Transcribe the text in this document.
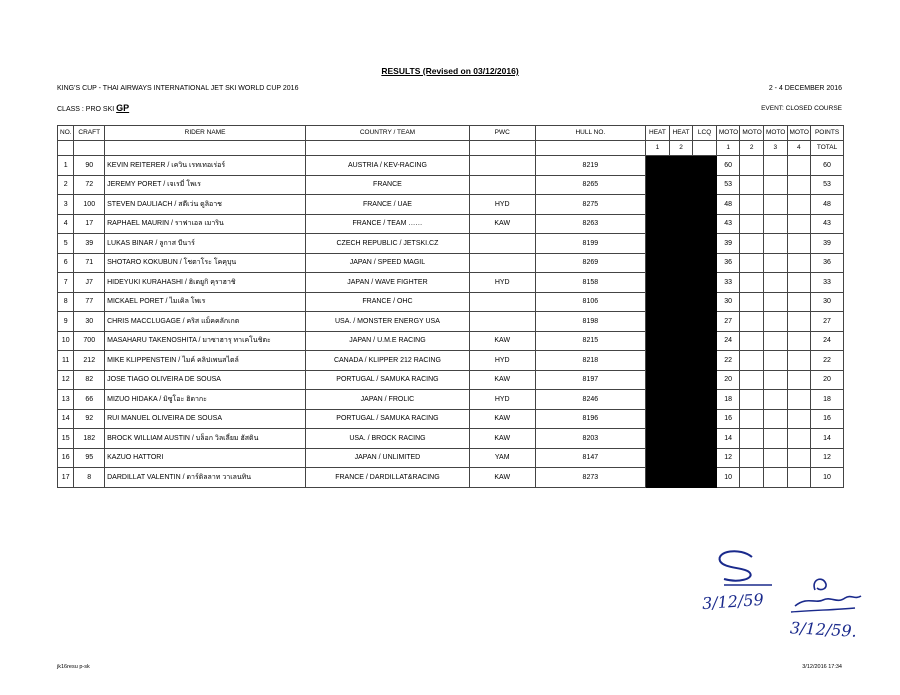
RESULTS (Revised on 03/12/2016)
KING'S CUP - THAI AIRWAYS INTERNATIONAL JET SKI WORLD CUP 2016	2 - 4 DECEMBER 2016
CLASS : PRO SKI GP	EVENT: CLOSED COURSE
NO.	CRAFT	RIDER NAME	COUNTRY / TEAM	PWC	HULL NO.	HEAT	HEAT	LCQ	MOTO	MOTO	MOTO	MOTO	POINTS	
						1	2		1	2	3	4	TOTAL	
1	90	KEVIN REITERER / เควิน เรทเทอเร่อร์	AUSTRIA / KEV-RACING		8219				60				60	
2	72	JEREMY PORET / เจเรมี่ โพเร	FRANCE		8265				53				53	
3	100	STEVEN DAULIACH / สตีเว่น ดูลิอาช	FRANCE / UAE	HYD	8275				48				48	
4	17	RAPHAEL MAURIN / ราฟาเอล เมาริน	FRANCE / TEAM ……	KAW	8263				43				43	
5	39	LUKAS BINAR / ลูกาส บีนาร์	CZECH REPUBLIC / JETSKI.CZ		8199				39				39	
6	71	SHOTARO KOKUBUN / โชตาโระ โคคุบุน	JAPAN / SPEED MAGIL		8269				36				36	
7	J7	HIDEYUKI KURAHASHI / ฮิเดยูกิ คุราฮาชิ	JAPAN / WAVE FIGHTER	HYD	8158				33				33	
8	77	MICKAEL PORET / ไมเคิล โพเร	FRANCE / OHC		8106				30				30	
9	30	CHRIS MACCLUGAGE / คริส แม็คคลักเกต	USA. / MONSTER ENERGY USA		8198				27				27	
10	700	MASAHARU TAKENOSHITA / มาซาฮารุ ทาเคโนชิตะ	JAPAN / U.M.E RACING	KAW	8215				24				24	
11	212	MIKE KLIPPENSTEIN / ไมค์ คลิปเพนสไตล์	CANADA / KLIPPER 212 RACING	HYD	8218				22				22	
12	82	JOSE TIAGO OLIVEIRA DE SOUSA	PORTUGAL / SAMUKA RACING	KAW	8197				20				20	
13	66	MIZUO HIDAKA / มิซูโอะ ฮิดากะ	JAPAN / FROLIC	HYD	8246				18				18	
14	92	RUI MANUEL OLIVEIRA DE SOUSA	PORTUGAL / SAMUKA RACING	KAW	8196				16				16	
15	182	BROCK WILLIAM AUSTIN / บล็อก วิลเลี่ยม ฮัสติน	USA. / BROCK RACING	KAW	8203				14				14	
16	95	KAZUO HATTORI	JAPAN / UNLIMITED	YAM	8147				12				12	
17	8	DARDILLAT VALENTIN / ดาร์ดิลลาท วาเลนทิน	FRANCE / DARDILLAT&RACING	KAW	8273				10				10	
3/12/59
3/12/59.
jk16resu p-sk	3/12/2016 17:34
